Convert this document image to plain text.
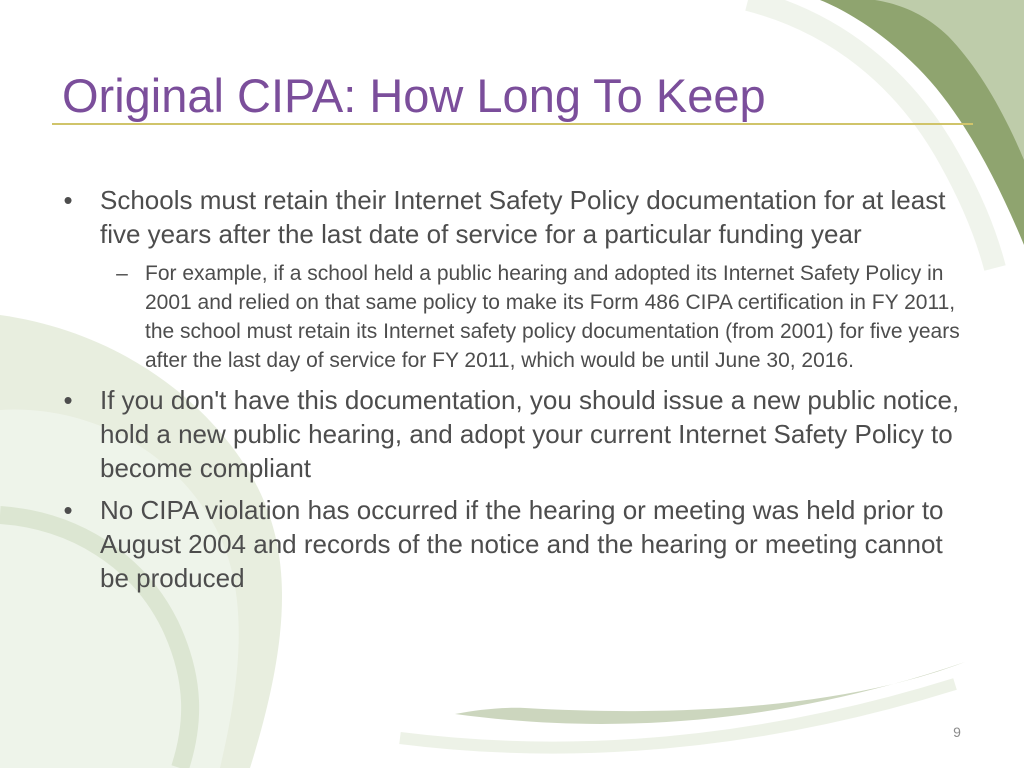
Original CIPA: How Long To Keep
• Schools must retain their Internet Safety Policy documentation for at least five years after the last date of service for a particular funding year
– For example, if a school held a public hearing and adopted its Internet Safety Policy in 2001 and relied on that same policy to make its Form 486 CIPA certification in FY 2011, the school must retain its Internet safety policy documentation (from 2001) for five years after the last day of service for FY 2011, which would be until June 30, 2016.
• If you don't have this documentation, you should issue a new public notice, hold a new public hearing, and adopt your current Internet Safety Policy to become compliant
• No CIPA violation has occurred if the hearing or meeting was held prior to August 2004 and records of the notice and the hearing or meeting cannot be produced
9
